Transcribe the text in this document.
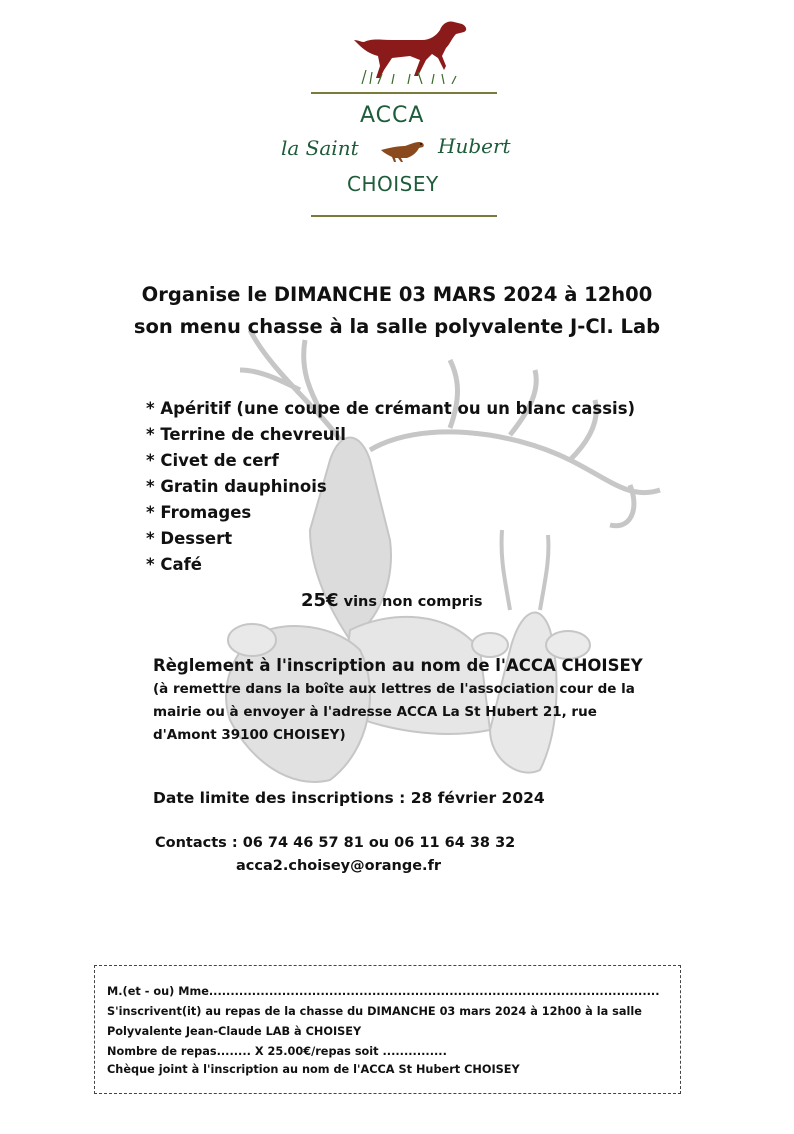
ACCA
la Saint	Hubert
CHOISEY
Organise le DIMANCHE 03 MARS 2024 à 12h00
son menu chasse à la salle polyvalente J-Cl. Lab
* Apéritif (une coupe de crémant ou un blanc cassis)
* Terrine de chevreuil
* Civet de cerf
* Gratin dauphinois
* Fromages
* Dessert
* Café
25€ vins non compris
Règlement à l'inscription au nom de l'ACCA CHOISEY
(à remettre dans la boîte aux lettres de l'association cour de la
mairie ou à envoyer à l'adresse ACCA La St Hubert 21, rue
d'Amont 39100 CHOISEY)
Date limite des inscriptions : 28 février 2024
Contacts : 06 74 46 57 81 ou 06 11 64 38 32
acca2.choisey@orange.fr
M.(et - ou) Mme.........................................................................................................
S'inscrivent(it) au repas de la chasse du DIMANCHE 03 mars 2024 à 12h00 à la salle
Polyvalente Jean-Claude LAB à CHOISEY
Nombre de repas........ X 25.00€/repas soit ...............
Chèque joint à l'inscription au nom de l'ACCA St Hubert CHOISEY
